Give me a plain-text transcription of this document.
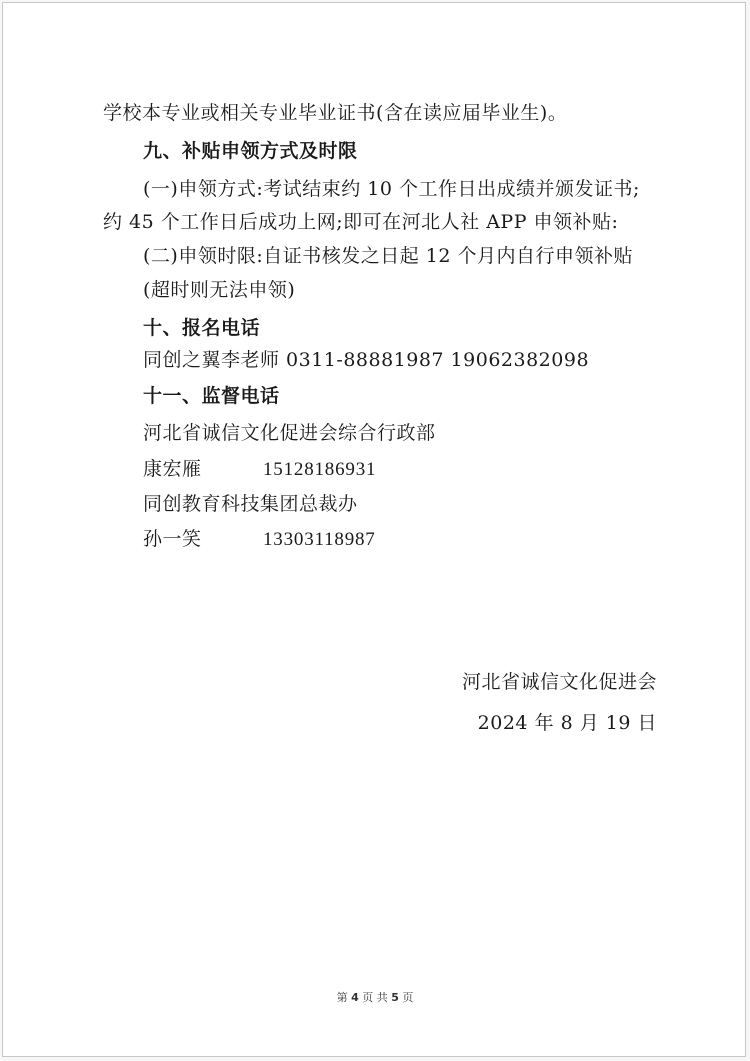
学校本专业或相关专业毕业证书(含在读应届毕业生)。
九、补贴申领方式及时限
(一)申领方式:考试结束约 10 个工作日出成绩并颁发证书;
约 45 个工作日后成功上网;即可在河北人社 APP 申领补贴:
(二)申领时限:自证书核发之日起 12 个月内自行申领补贴
(超时则无法申领)
十、报名电话
同创之翼李老师 0311-88881987 19062382098
十一、监督电话
河北省诚信文化促进会综合行政部
康宏雁	15128186931
同创教育科技集团总裁办
孙一笑	13303118987
河北省诚信文化促进会
2024 年 8 月 19 日
第 4 页 共 5 页
